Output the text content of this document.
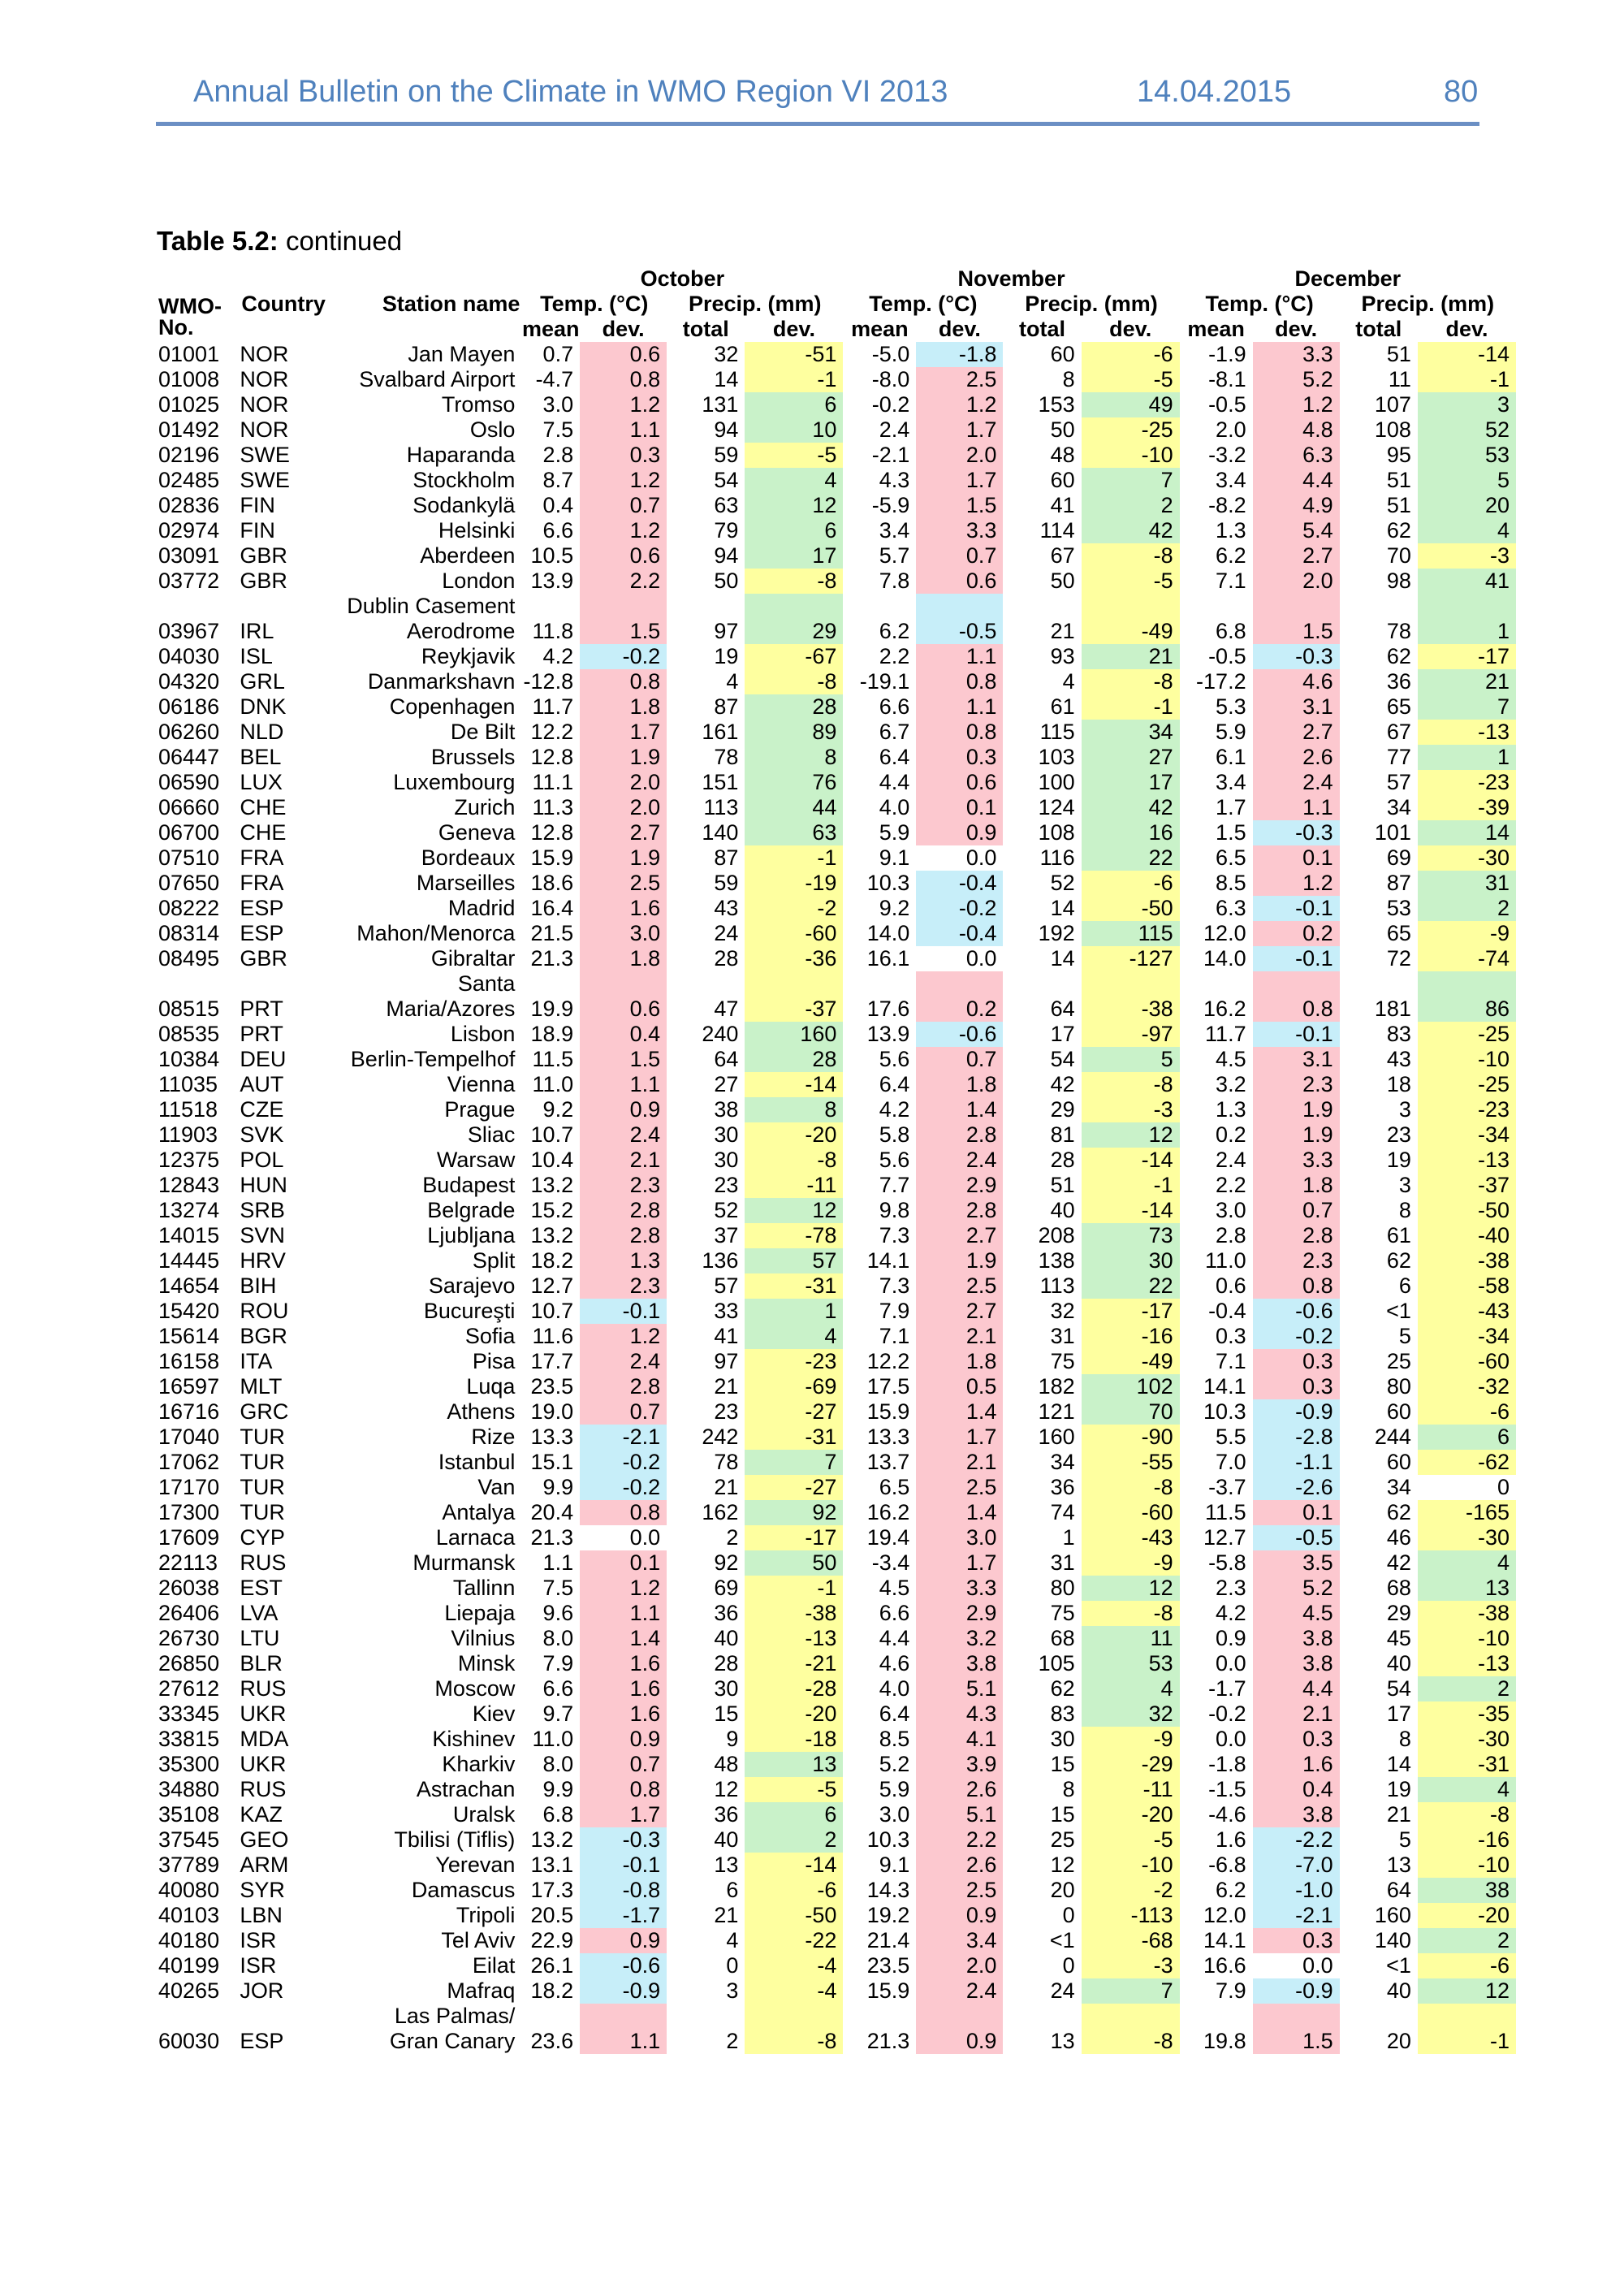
Annual Bulletin on the Climate in WMO Region VI 2013	14.04.2015	80
Table 5.2: continued
			October				November				December			
WMO-No.	Country	Station name	Temp. (°C)		Precip. (mm)		Temp. (°C)		Precip. (mm)		Temp. (°C)		Precip. (mm)	
			mean	dev.	total	dev.	mean	dev.	total	dev.	mean	dev.	total	dev.
01001	NOR	Jan Mayen	0.7	0.6	32	-51	-5.0	-1.8	60	-6	-1.9	3.3	51	-14
01008	NOR	Svalbard Airport	-4.7	0.8	14	-1	-8.0	2.5	8	-5	-8.1	5.2	11	-1
01025	NOR	Tromso	3.0	1.2	131	6	-0.2	1.2	153	49	-0.5	1.2	107	3
01492	NOR	Oslo	7.5	1.1	94	10	2.4	1.7	50	-25	2.0	4.8	108	52
02196	SWE	Haparanda	2.8	0.3	59	-5	-2.1	2.0	48	-10	-3.2	6.3	95	53
02485	SWE	Stockholm	8.7	1.2	54	4	4.3	1.7	60	7	3.4	4.4	51	5
02836	FIN	Sodankylä	0.4	0.7	63	12	-5.9	1.5	41	2	-8.2	4.9	51	20
02974	FIN	Helsinki	6.6	1.2	79	6	3.4	3.3	114	42	1.3	5.4	62	4
03091	GBR	Aberdeen	10.5	0.6	94	17	5.7	0.7	67	-8	6.2	2.7	70	-3
03772	GBR	London	13.9	2.2	50	-8	7.8	0.6	50	-5	7.1	2.0	98	41
		Dublin Casement												
03967	IRL	Aerodrome	11.8	1.5	97	29	6.2	-0.5	21	-49	6.8	1.5	78	1
04030	ISL	Reykjavik	4.2	-0.2	19	-67	2.2	1.1	93	21	-0.5	-0.3	62	-17
04320	GRL	Danmarkshavn	-12.8	0.8	4	-8	-19.1	0.8	4	-8	-17.2	4.6	36	21
06186	DNK	Copenhagen	11.7	1.8	87	28	6.6	1.1	61	-1	5.3	3.1	65	7
06260	NLD	De Bilt	12.2	1.7	161	89	6.7	0.8	115	34	5.9	2.7	67	-13
06447	BEL	Brussels	12.8	1.9	78	8	6.4	0.3	103	27	6.1	2.6	77	1
06590	LUX	Luxembourg	11.1	2.0	151	76	4.4	0.6	100	17	3.4	2.4	57	-23
06660	CHE	Zurich	11.3	2.0	113	44	4.0	0.1	124	42	1.7	1.1	34	-39
06700	CHE	Geneva	12.8	2.7	140	63	5.9	0.9	108	16	1.5	-0.3	101	14
07510	FRA	Bordeaux	15.9	1.9	87	-1	9.1	0.0	116	22	6.5	0.1	69	-30
07650	FRA	Marseilles	18.6	2.5	59	-19	10.3	-0.4	52	-6	8.5	1.2	87	31
08222	ESP	Madrid	16.4	1.6	43	-2	9.2	-0.2	14	-50	6.3	-0.1	53	2
08314	ESP	Mahon/Menorca	21.5	3.0	24	-60	14.0	-0.4	192	115	12.0	0.2	65	-9
08495	GBR	Gibraltar	21.3	1.8	28	-36	16.1	0.0	14	-127	14.0	-0.1	72	-74
		Santa												
08515	PRT	Maria/Azores	19.9	0.6	47	-37	17.6	0.2	64	-38	16.2	0.8	181	86
08535	PRT	Lisbon	18.9	0.4	240	160	13.9	-0.6	17	-97	11.7	-0.1	83	-25
10384	DEU	Berlin-Tempelhof	11.5	1.5	64	28	5.6	0.7	54	5	4.5	3.1	43	-10
11035	AUT	Vienna	11.0	1.1	27	-14	6.4	1.8	42	-8	3.2	2.3	18	-25
11518	CZE	Prague	9.2	0.9	38	8	4.2	1.4	29	-3	1.3	1.9	3	-23
11903	SVK	Sliac	10.7	2.4	30	-20	5.8	2.8	81	12	0.2	1.9	23	-34
12375	POL	Warsaw	10.4	2.1	30	-8	5.6	2.4	28	-14	2.4	3.3	19	-13
12843	HUN	Budapest	13.2	2.3	23	-11	7.7	2.9	51	-1	2.2	1.8	3	-37
13274	SRB	Belgrade	15.2	2.8	52	12	9.8	2.8	40	-14	3.0	0.7	8	-50
14015	SVN	Ljubljana	13.2	2.8	37	-78	7.3	2.7	208	73	2.8	2.8	61	-40
14445	HRV	Split	18.2	1.3	136	57	14.1	1.9	138	30	11.0	2.3	62	-38
14654	BIH	Sarajevo	12.7	2.3	57	-31	7.3	2.5	113	22	0.6	0.8	6	-58
15420	ROU	Bucureşti	10.7	-0.1	33	1	7.9	2.7	32	-17	-0.4	-0.6	<1	-43
15614	BGR	Sofia	11.6	1.2	41	4	7.1	2.1	31	-16	0.3	-0.2	5	-34
16158	ITA	Pisa	17.7	2.4	97	-23	12.2	1.8	75	-49	7.1	0.3	25	-60
16597	MLT	Luqa	23.5	2.8	21	-69	17.5	0.5	182	102	14.1	0.3	80	-32
16716	GRC	Athens	19.0	0.7	23	-27	15.9	1.4	121	70	10.3	-0.9	60	-6
17040	TUR	Rize	13.3	-2.1	242	-31	13.3	1.7	160	-90	5.5	-2.8	244	6
17062	TUR	Istanbul	15.1	-0.2	78	7	13.7	2.1	34	-55	7.0	-1.1	60	-62
17170	TUR	Van	9.9	-0.2	21	-27	6.5	2.5	36	-8	-3.7	-2.6	34	0
17300	TUR	Antalya	20.4	0.8	162	92	16.2	1.4	74	-60	11.5	0.1	62	-165
17609	CYP	Larnaca	21.3	0.0	2	-17	19.4	3.0	1	-43	12.7	-0.5	46	-30
22113	RUS	Murmansk	1.1	0.1	92	50	-3.4	1.7	31	-9	-5.8	3.5	42	4
26038	EST	Tallinn	7.5	1.2	69	-1	4.5	3.3	80	12	2.3	5.2	68	13
26406	LVA	Liepaja	9.6	1.1	36	-38	6.6	2.9	75	-8	4.2	4.5	29	-38
26730	LTU	Vilnius	8.0	1.4	40	-13	4.4	3.2	68	11	0.9	3.8	45	-10
26850	BLR	Minsk	7.9	1.6	28	-21	4.6	3.8	105	53	0.0	3.8	40	-13
27612	RUS	Moscow	6.6	1.6	30	-28	4.0	5.1	62	4	-1.7	4.4	54	2
33345	UKR	Kiev	9.7	1.6	15	-20	6.4	4.3	83	32	-0.2	2.1	17	-35
33815	MDA	Kishinev	11.0	0.9	9	-18	8.5	4.1	30	-9	0.0	0.3	8	-30
35300	UKR	Kharkiv	8.0	0.7	48	13	5.2	3.9	15	-29	-1.8	1.6	14	-31
34880	RUS	Astrachan	9.9	0.8	12	-5	5.9	2.6	8	-11	-1.5	0.4	19	4
35108	KAZ	Uralsk	6.8	1.7	36	6	3.0	5.1	15	-20	-4.6	3.8	21	-8
37545	GEO	Tbilisi (Tiflis)	13.2	-0.3	40	2	10.3	2.2	25	-5	1.6	-2.2	5	-16
37789	ARM	Yerevan	13.1	-0.1	13	-14	9.1	2.6	12	-10	-6.8	-7.0	13	-10
40080	SYR	Damascus	17.3	-0.8	6	-6	14.3	2.5	20	-2	6.2	-1.0	64	38
40103	LBN	Tripoli	20.5	-1.7	21	-50	19.2	0.9	0	-113	12.0	-2.1	160	-20
40180	ISR	Tel Aviv	22.9	0.9	4	-22	21.4	3.4	<1	-68	14.1	0.3	140	2
40199	ISR	Eilat	26.1	-0.6	0	-4	23.5	2.0	0	-3	16.6	0.0	<1	-6
40265	JOR	Mafraq	18.2	-0.9	3	-4	15.9	2.4	24	7	7.9	-0.9	40	12
		Las Palmas/												
60030	ESP	Gran Canary	23.6	1.1	2	-8	21.3	0.9	13	-8	19.8	1.5	20	-1
